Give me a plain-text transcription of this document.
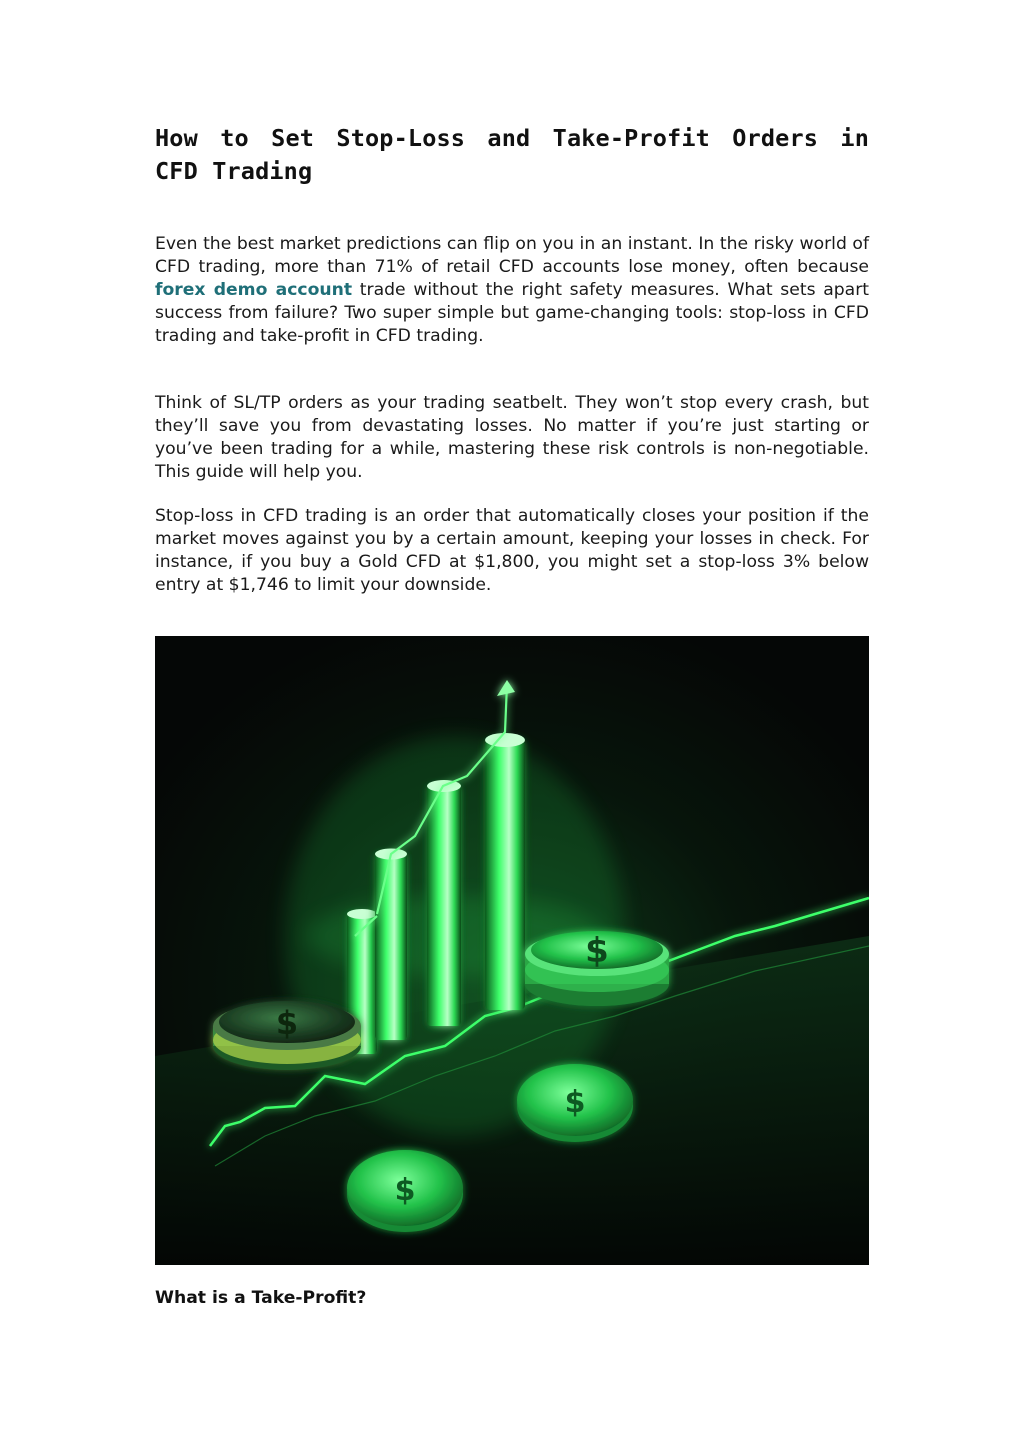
How to Set Stop-Loss and Take-Profit Orders in CFD Trading

Even the best market predictions can flip on you in an instant. In the risky world of CFD trading, more than 71% of retail CFD accounts lose money, often because forex demo account trade without the right safety measures. What sets apart success from failure? Two super simple but game-changing tools: stop-loss in CFD trading and take-profit in CFD trading.

Think of SL/TP orders as your trading seatbelt. They won’t stop every crash, but they’ll save you from devastating losses. No matter if you’re just starting or you’ve been trading for a while, mastering these risk controls is non-negotiable. This guide will help you.

Stop-loss in CFD trading is an order that automatically closes your position if the market moves against you by a certain amount, keeping your losses in check. For instance, if you buy a Gold CFD at $1,800, you might set a stop-loss 3% below entry at $1,746 to limit your downside.

$
$
$
$
What is a Take-Profit?
